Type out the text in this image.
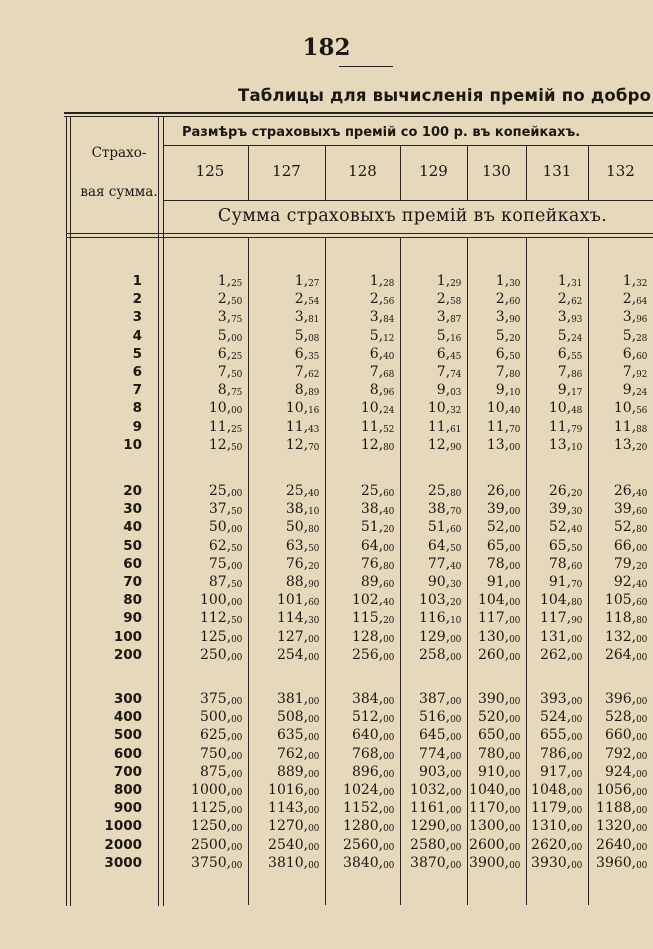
182
Таблицы для вычисленія премій по добро
Страхо-
вая сумма.
Размѣръ страховыхъ премій со 100 р. въ копейкахъ.
Сумма страховыхъ премій въ копейкахъ.
125	127	128	129	130	131	132
1	1,25	1,27	1,28	1,29	1,30	1,31	1,32
2	2,50	2,54	2,56	2,58	2,60	2,62	2,64
3	3,75	3,81	3,84	3,87	3,90	3,93	3,96
4	5,00	5,08	5,12	5,16	5,20	5,24	5,28
5	6,25	6,35	6,40	6,45	6,50	6,55	6,60
6	7,50	7,62	7,68	7,74	7,80	7,86	7,92
7	8,75	8,89	8,96	9,03	9,10	9,17	9,24
8	10,00	10,16	10,24	10,32	10,40	10,48	10,56
9	11,25	11,43	11,52	11,61	11,70	11,79	11,88
10	12,50	12,70	12,80	12,90	13,00	13,10	13,20
20	25,00	25,40	25,60	25,80	26,00	26,20	26,40
30	37,50	38,10	38,40	38,70	39,00	39,30	39,60
40	50,00	50,80	51,20	51,60	52,00	52,40	52,80
50	62,50	63,50	64,00	64,50	65,00	65,50	66,00
60	75,00	76,20	76,80	77,40	78,00	78,60	79,20
70	87,50	88,90	89,60	90,30	91,00	91,70	92,40
80	100,00	101,60	102,40	103,20	104,00	104,80	105,60
90	112,50	114,30	115,20	116,10	117,00	117,90	118,80
100	125,00	127,00	128,00	129,00	130,00	131,00	132,00
200	250,00	254,00	256,00	258,00	260,00	262,00	264,00
300	375,00	381,00	384,00	387,00	390,00	393,00	396,00
400	500,00	508,00	512,00	516,00	520,00	524,00	528,00
500	625,00	635,00	640,00	645,00	650,00	655,00	660,00
600	750,00	762,00	768,00	774,00	780,00	786,00	792,00
700	875,00	889,00	896,00	903,00	910,00	917,00	924,00
800	1000,00	1016,00	1024,00	1032,00 1040,00 1048,00	1056,00
900	1125,00	1143,00	1152,00	1161,00 1170,00 1179,00	1188,00
1000	1250,00	1270,00	1280,00	1290,00 1300,00 1310,00	1320,00
2000	2500,00	2540,00	2560,00	2580,00 2600,00 2620,00	2640,00
3000	3750,00	3810,00	3840,00	3870,00 3900,00 3930,00	3960,00
